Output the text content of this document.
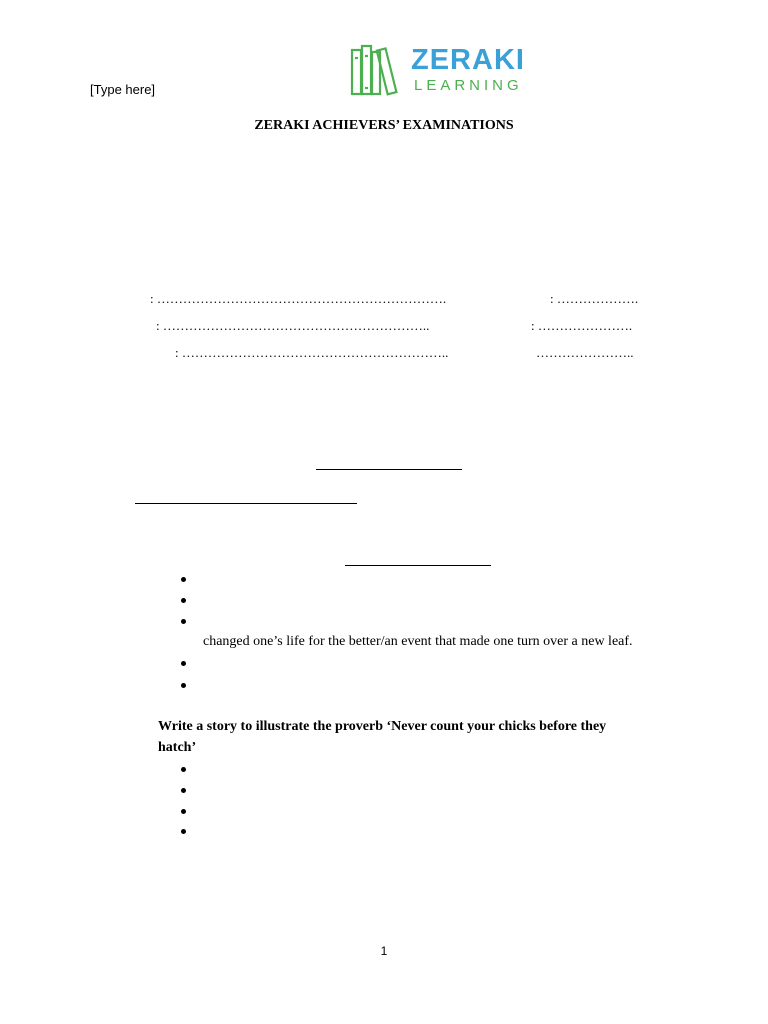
[Type here]
ZERAKI
LEARNING
ZERAKI ACHIEVERS’ EXAMINATIONS
: ………………………………………………………….	: ……………….
: ……………………………………………………..	: ………………….
: ……………………………………………………..	…………………..
changed one’s life for the better/an event that made one turn over a new leaf.
Write a story to illustrate the proverb ‘Never count your chicks before they
hatch’
1
